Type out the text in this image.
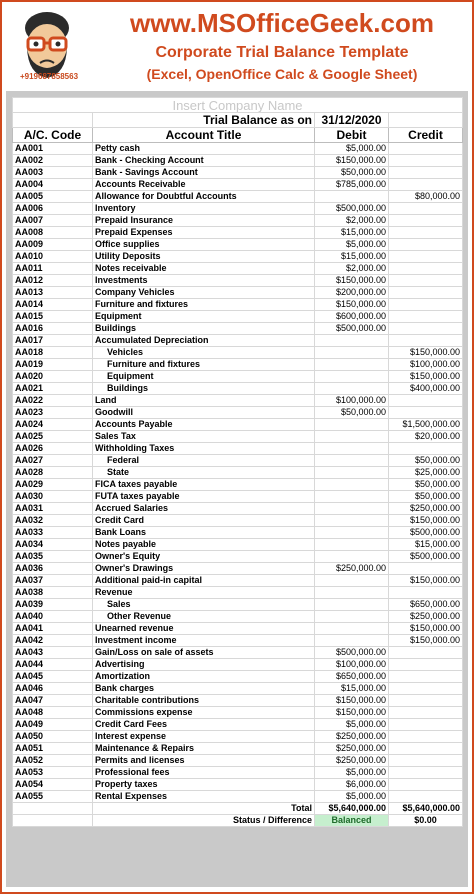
+919687858563
www.MSOfficeGeek.com
Corporate Trial Balance Template
(Excel, OpenOffice Calc & Google Sheet)
Insert Company Name			
	Trial Balance as on	31/12/2020	
A/C. Code	Account Title	Debit	Credit
AA001	Petty cash	$5,000.00	
AA002	Bank - Checking Account	$150,000.00	
AA003	Bank - Savings Account	$50,000.00	
AA004	Accounts Receivable	$785,000.00	
AA005	Allowance for Doubtful Accounts		$80,000.00
AA006	Inventory	$500,000.00	
AA007	Prepaid Insurance	$2,000.00	
AA008	Prepaid Expenses	$15,000.00	
AA009	Office supplies	$5,000.00	
AA010	Utility Deposits	$15,000.00	
AA011	Notes receivable	$2,000.00	
AA012	Investments	$150,000.00	
AA013	Company Vehicles	$200,000.00	
AA014	Furniture and fixtures	$150,000.00	
AA015	Equipment	$600,000.00	
AA016	Buildings	$500,000.00	
AA017	Accumulated Depreciation		
AA018	Vehicles		$150,000.00
AA019	Furniture and fixtures		$100,000.00
AA020	Equipment		$150,000.00
AA021	Buildings		$400,000.00
AA022	Land	$100,000.00	
AA023	Goodwill	$50,000.00	
AA024	Accounts Payable		$1,500,000.00
AA025	Sales Tax		$20,000.00
AA026	Withholding Taxes		
AA027	Federal		$50,000.00
AA028	State		$25,000.00
AA029	FICA taxes payable		$50,000.00
AA030	FUTA taxes payable		$50,000.00
AA031	Accrued Salaries		$250,000.00
AA032	Credit Card		$150,000.00
AA033	Bank Loans		$500,000.00
AA034	Notes payable		$15,000.00
AA035	Owner's Equity		$500,000.00
AA036	Owner's Drawings	$250,000.00	
AA037	Additional paid-in capital		$150,000.00
AA038	Revenue		
AA039	Sales		$650,000.00
AA040	Other Revenue		$250,000.00
AA041	Unearned revenue		$150,000.00
AA042	Investment income		$150,000.00
AA043	Gain/Loss on sale of assets	$500,000.00	
AA044	Advertising	$100,000.00	
AA045	Amortization	$650,000.00	
AA046	Bank charges	$15,000.00	
AA047	Charitable contributions	$150,000.00	
AA048	Commissions expense	$150,000.00	
AA049	Credit Card Fees	$5,000.00	
AA050	Interest expense	$250,000.00	
AA051	Maintenance & Repairs	$250,000.00	
AA052	Permits and licenses	$250,000.00	
AA053	Professional fees	$5,000.00	
AA054	Property taxes	$6,000.00	
AA055	Rental Expenses	$5,000.00	
	Total	$5,640,000.00	$5,640,000.00
	Status / Difference	Balanced	$0.00
